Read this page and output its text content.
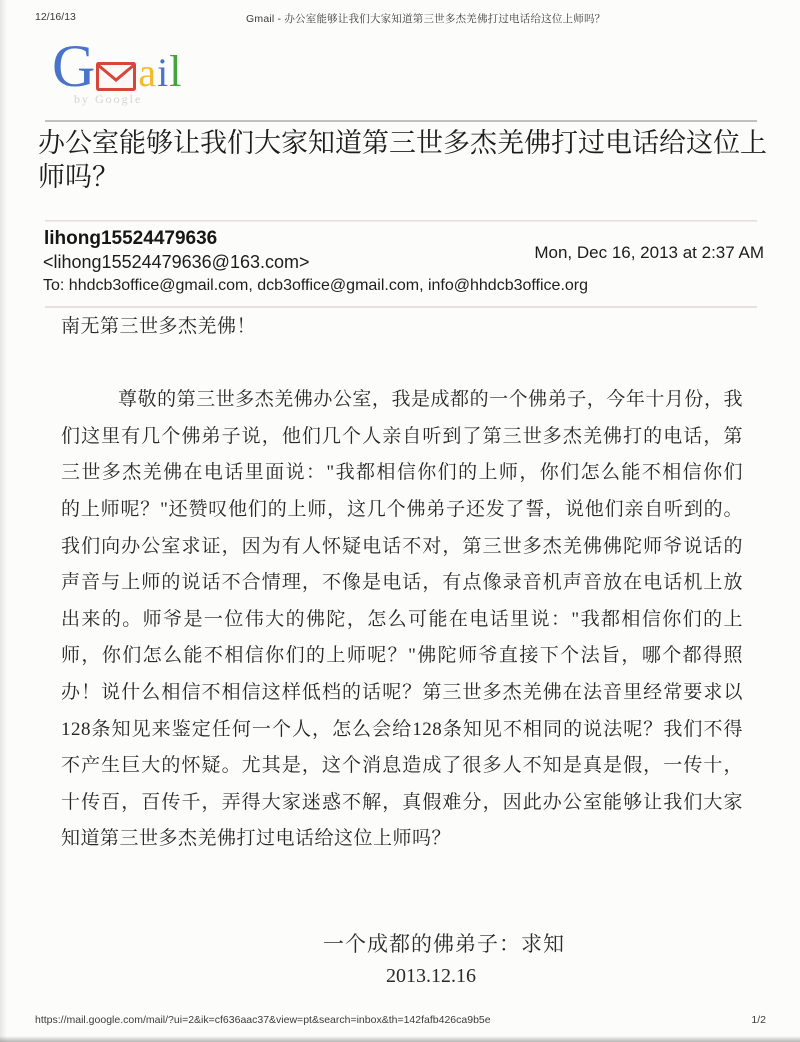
12/16/13	Gmail - 办公室能够让我们大家知道第三世多杰羌佛打过电话给这位上师吗？
G a i l
by Google
办公室能够让我们大家知道第三世多杰羌佛打过电话给这位上师吗？
lihong15524479636
<lihong15524479636@163.com>	Mon, Dec 16, 2013 at 2:37 AM
To: hhdcb3office@gmail.com, dcb3office@gmail.com, info@hhdcb3office.org
南无第三世多杰羌佛！
尊敬的第三世多杰羌佛办公室，我是成都的一个佛弟子，今年十月份，我
们这里有几个佛弟子说，他们几个人亲自听到了第三世多杰羌佛打的电话，第
三世多杰羌佛在电话里面说："我都相信你们的上师，你们怎么能不相信你们
的上师呢？"还赞叹他们的上师，这几个佛弟子还发了誓，说他们亲自听到的。
我们向办公室求证，因为有人怀疑电话不对，第三世多杰羌佛佛陀师爷说话的
声音与上师的说话不合情理，不像是电话，有点像录音机声音放在电话机上放
出来的。师爷是一位伟大的佛陀，怎么可能在电话里说："我都相信你们的上
师，你们怎么能不相信你们的上师呢？"佛陀师爷直接下个法旨，哪个都得照
办！说什么相信不相信这样低档的话呢？第三世多杰羌佛在法音里经常要求以
128条知见来鉴定任何一个人，怎么会给128条知见不相同的说法呢？我们不得
不产生巨大的怀疑。尤其是，这个消息造成了很多人不知是真是假，一传十，
十传百，百传千，弄得大家迷惑不解，真假难分，因此办公室能够让我们大家
知道第三世多杰羌佛打过电话给这位上师吗？
一个成都的佛弟子：求知
2013.12.16
https://mail.google.com/mail/?ui=2&ik=cf636aac37&view=pt&search=inbox&th=142fafb426ca9b5e	1/2
